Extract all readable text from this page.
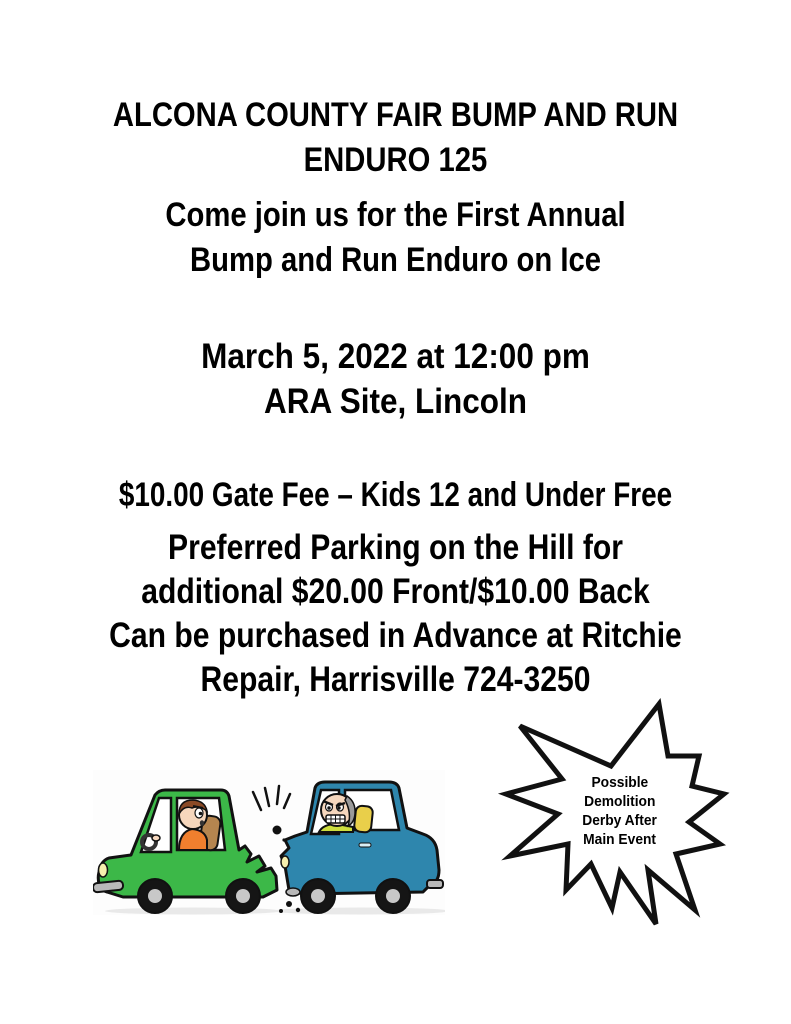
ALCONA COUNTY FAIR BUMP AND RUN
ENDURO 125
Come join us for the First Annual
Bump and Run Enduro on Ice
March 5, 2022 at 12:00 pm
ARA Site, Lincoln
$10.00 Gate Fee – Kids 12 and Under Free
Preferred Parking on the Hill for
additional $20.00 Front/$10.00 Back
Can be purchased in Advance at Ritchie
Repair, Harrisville 724-3250
Possible
Demolition
Derby After
Main Event
